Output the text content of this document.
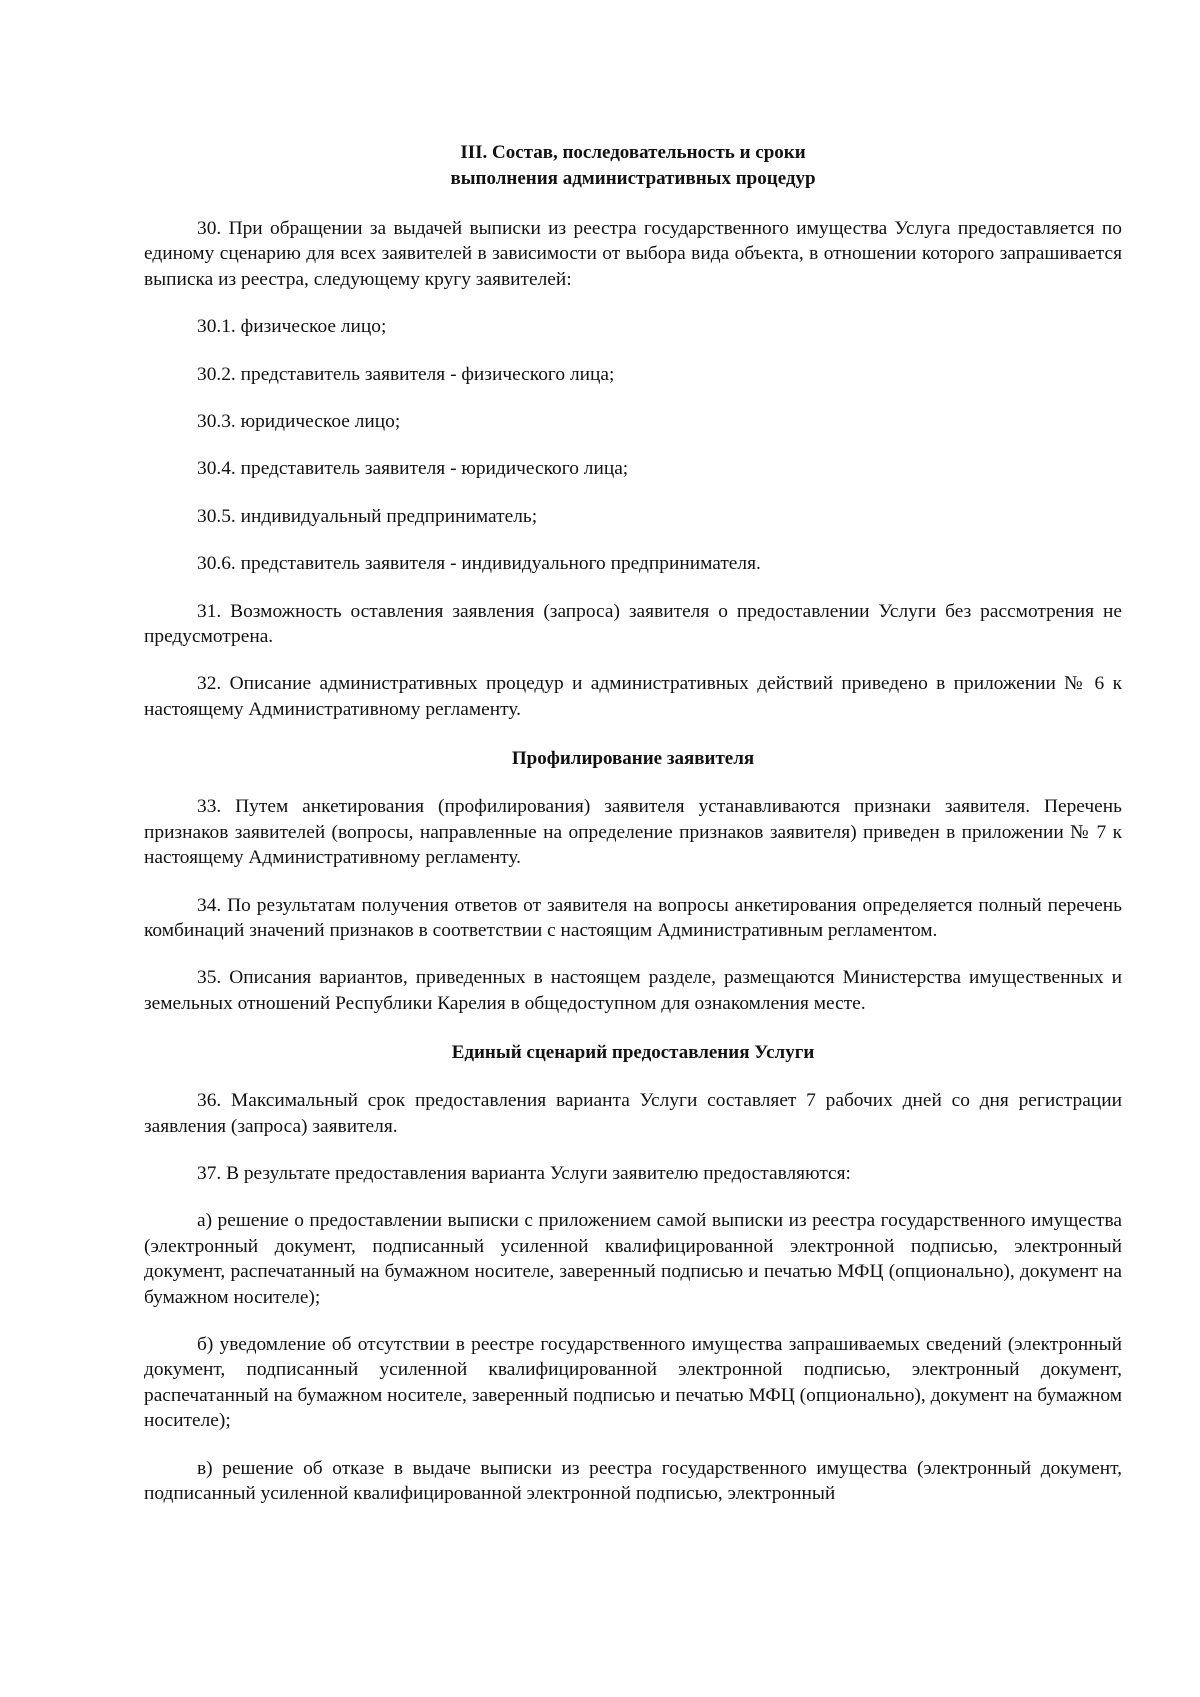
III. Состав, последовательность и сроки
выполнения административных процедур

30. При обращении за выдачей выписки из реестра государственного имущества Услуга предоставляется по единому сценарию для всех заявителей в зависимости от выбора вида объекта, в отношении которого запрашивается выписка из реестра, следующему кругу заявителей:

30.1. физическое лицо;

30.2. представитель заявителя - физического лица;

30.3. юридическое лицо;

30.4. представитель заявителя - юридического лица;

30.5. индивидуальный предприниматель;

30.6. представитель заявителя - индивидуального предпринимателя.

31. Возможность оставления заявления (запроса) заявителя о предоставлении Услуги без рассмотрения не предусмотрена.

32. Описание административных процедур и административных действий приведено в приложении № 6 к настоящему Административному регламенту.

Профилирование заявителя

33. Путем анкетирования (профилирования) заявителя устанавливаются признаки заявителя. Перечень признаков заявителей (вопросы, направленные на определение признаков заявителя) приведен в приложении № 7 к настоящему Административному регламенту.

34. По результатам получения ответов от заявителя на вопросы анкетирования определяется полный перечень комбинаций значений признаков в соответствии с настоящим Административным регламентом.

35. Описания вариантов, приведенных в настоящем разделе, размещаются Министерства имущественных и земельных отношений Республики Карелия в общедоступном для ознакомления месте.

Единый сценарий предоставления Услуги

36. Максимальный срок предоставления варианта Услуги составляет 7 рабочих дней со дня регистрации заявления (запроса) заявителя.

37. В результате предоставления варианта Услуги заявителю предоставляются:

а) решение о предоставлении выписки с приложением самой выписки из реестра государственного имущества (электронный документ, подписанный усиленной квалифицированной электронной подписью, электронный документ, распечатанный на бумажном носителе, заверенный подписью и печатью МФЦ (опционально), документ на бумажном носителе);

б) уведомление об отсутствии в реестре государственного имущества запрашиваемых сведений (электронный документ, подписанный усиленной квалифицированной электронной подписью, электронный документ, распечатанный на бумажном носителе, заверенный подписью и печатью МФЦ (опционально), документ на бумажном носителе);

в) решение об отказе в выдаче выписки из реестра государственного имущества (электронный документ, подписанный усиленной квалифицированной электронной подписью, электронный
